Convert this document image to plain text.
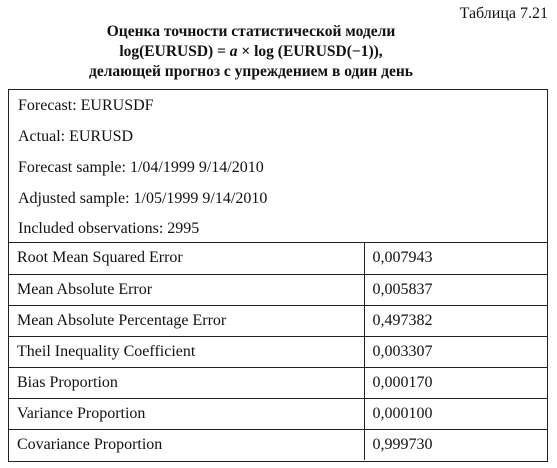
Таблица 7.21
Оценка точности статистической модели
log(EURUSD) = a × log (EURUSD(−1)),
делающей прогноз с упреждением в один день
Forecast: EURUSDF
Actual: EURUSD
Forecast sample: 1/04/1999 9/14/2010
Adjusted sample: 1/05/1999 9/14/2010
Included observations: 2995
Root Mean Squared Error	0,007943
Mean Absolute Error	0,005837
Mean Absolute Percentage Error	0,497382
Theil Inequality Coefficient	0,003307
Bias Proportion	0,000170
Variance Proportion	0,000100
Covariance Proportion	0,999730
